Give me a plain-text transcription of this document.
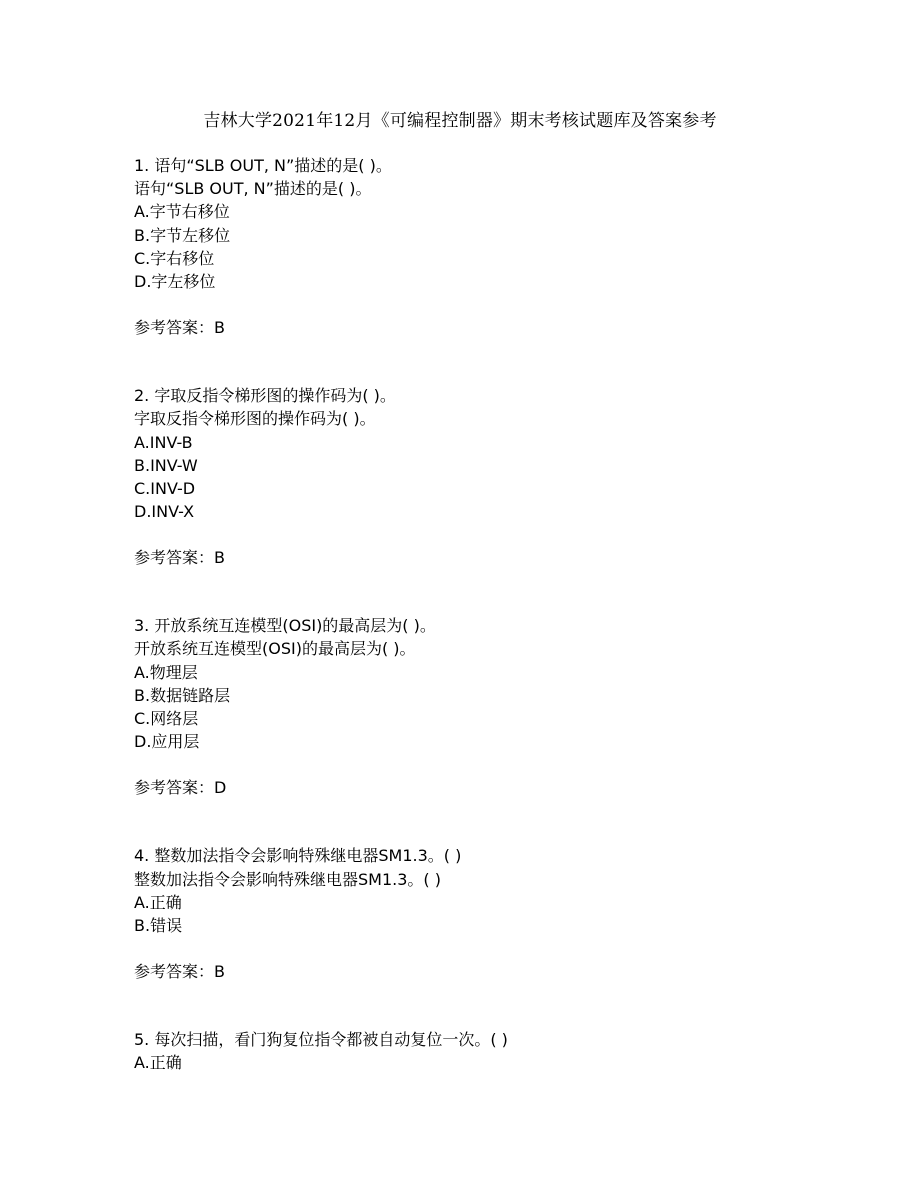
吉林大学2021年12月《可编程控制器》期末考核试题库及答案参考
1. 语句“SLB OUT, N”描述的是( )。
语句“SLB OUT, N”描述的是( )。
A.字节右移位
B.字节左移位
C.字右移位
D.字左移位
参考答案：B
2. 字取反指令梯形图的操作码为( )。
字取反指令梯形图的操作码为( )。
A.INV-B
B.INV-W
C.INV-D
D.INV-X
参考答案：B
3. 开放系统互连模型(OSI)的最高层为( )。
开放系统互连模型(OSI)的最高层为( )。
A.物理层
B.数据链路层
C.网络层
D.应用层
参考答案：D
4. 整数加法指令会影响特殊继电器SM1.3。( )
整数加法指令会影响特殊继电器SM1.3。( )
A.正确
B.错误
参考答案：B
5. 每次扫描，看门狗复位指令都被自动复位一次。( )
A.正确
